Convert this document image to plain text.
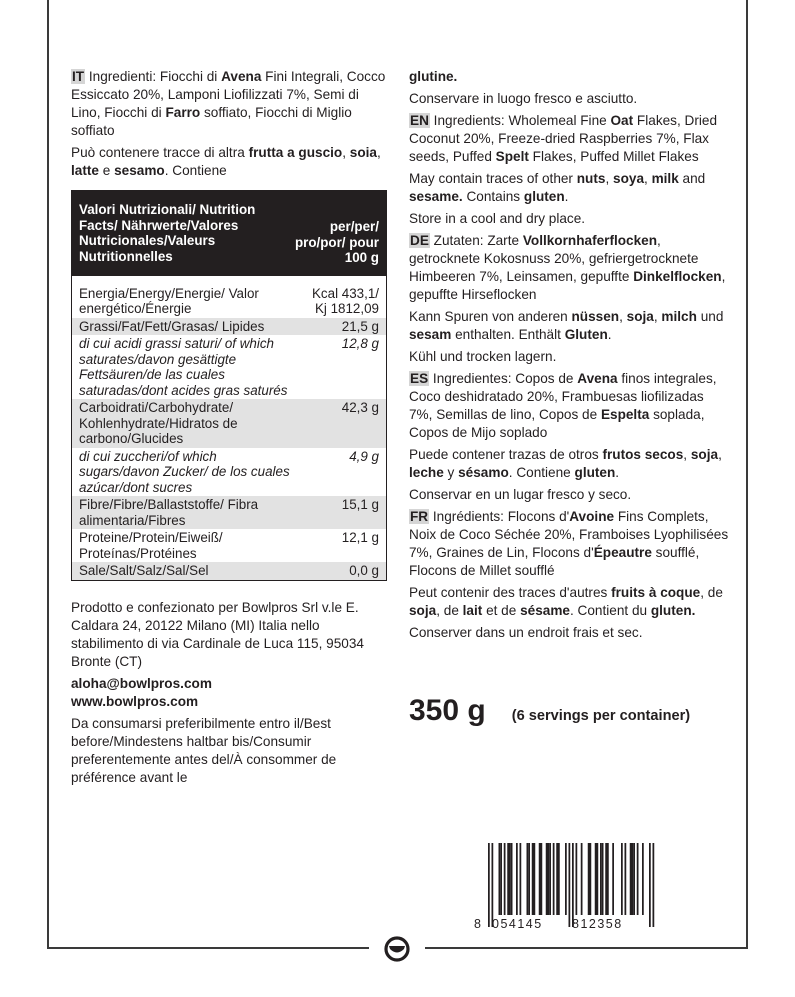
IT Ingredienti: Fiocchi di Avena Fini Integrali, Cocco Essiccato 20%, Lamponi Liofilizzati 7%, Semi di Lino, Fiocchi di Farro soffiato, Fiocchi di Miglio soffiato

Può contenere tracce di altra frutta a guscio, soia, latte e sesamo. Contiene

Valori Nutrizionali/ Nutrition Facts/ Nährwerte/Valores Nutricionales/Valeurs Nutritionnelles
per/per/ pro/por/ pour 100 g
Energia/Energy/Energie/ Valor energético/Énergie
Kcal 433,1/ Kj 1812,09
Grassi/Fat/Fett/Grasas/ Lipides	21,5 g
di cui acidi grassi saturi/ of which saturates/davon gesättigte Fettsäuren/de las cuales saturadas/dont acides gras saturés
12,8 g
Carboidrati/Carbohydrate/ Kohlenhydrate/Hidratos de carbono/Glucides
42,3 g
di cui zuccheri/of which sugars/davon Zucker/ de los cuales azúcar/dont sucres
4,9 g
Fibre/Fibre/Ballaststoffe/ Fibra alimentaria/Fibres
15,1 g
Proteine/Protein/Eiweiß/ Proteínas/Protéines
12,1 g
Sale/Salt/Salz/Sal/Sel	0,0 g

Prodotto e confezionato per Bowlpros Srl v.le E. Caldara 24, 20122 Milano (MI) Italia nello stabilimento di via Cardinale de Luca 115, 95034 Bronte (CT)

aloha@bowlpros.com

www.bowlpros.com

Da consumarsi preferibilmente entro il/Best before/Mindestens haltbar bis/Consumir preferentemente antes del/À consommer de préférence avant le

glutine.

Conservare in luogo fresco e asciutto.

EN Ingredients: Wholemeal Fine Oat Flakes, Dried Coconut 20%, Freeze-dried Raspberries 7%, Flax seeds, Puffed Spelt Flakes, Puffed Millet Flakes

May contain traces of other nuts, soya, milk and sesame. Contains gluten.

Store in a cool and dry place.

DE Zutaten: Zarte Vollkornhaferflocken, getrocknete Kokosnuss 20%, gefriergetrocknete Himbeeren 7%, Leinsamen, gepuffte Dinkelflocken, gepuffte Hirseflocken

Kann Spuren von anderen nüssen, soja, milch und sesam enthalten. Enthält Gluten.

Kühl und trocken lagern.

ES Ingredientes: Copos de Avena finos integrales, Coco deshidratado 20%, Frambuesas liofilizadas 7%, Semillas de lino, Copos de Espelta soplada, Copos de Mijo soplado

Puede contener trazas de otros frutos secos, soja, leche y sésamo. Contiene gluten.

Conservar en un lugar fresco y seco.

FR Ingrédients: Flocons d'Avoine Fins Complets, Noix de Coco Séchée 20%, Framboises Lyophilisées 7%, Graines de Lin, Flocons d'Épeautre soufflé, Flocons de Millet soufflé

Peut contenir des traces d'autres fruits à coque, de soja, de lait et de sésame. Contient du gluten.

Conserver dans un endroit frais et sec.

350 g (6 servings per container)
8 054145 812358
